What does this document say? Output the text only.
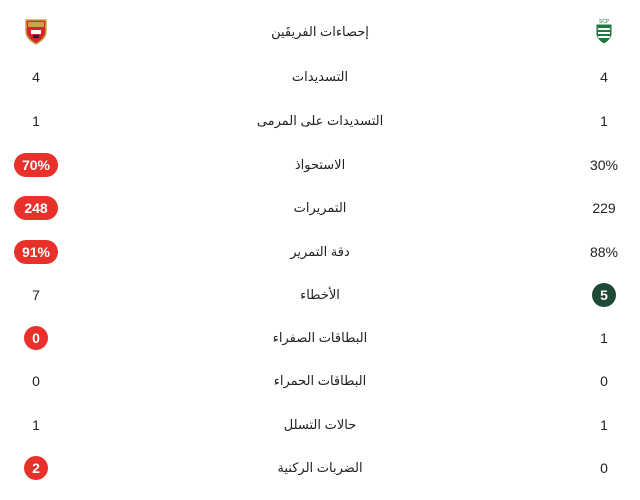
إحصاءات الفريقَين
SCP
4	التسديدات	4
1	التسديدات على المرمى	1
70%	الاستحواذ	30%
248	التمريرات	229
91%	دقة التمرير	88%
7	الأخطاء	5
0	البطاقات الصفراء	1
0	البطاقات الحمراء	0
1	حالات التسلل	1
2	الضربات الركنية	0
